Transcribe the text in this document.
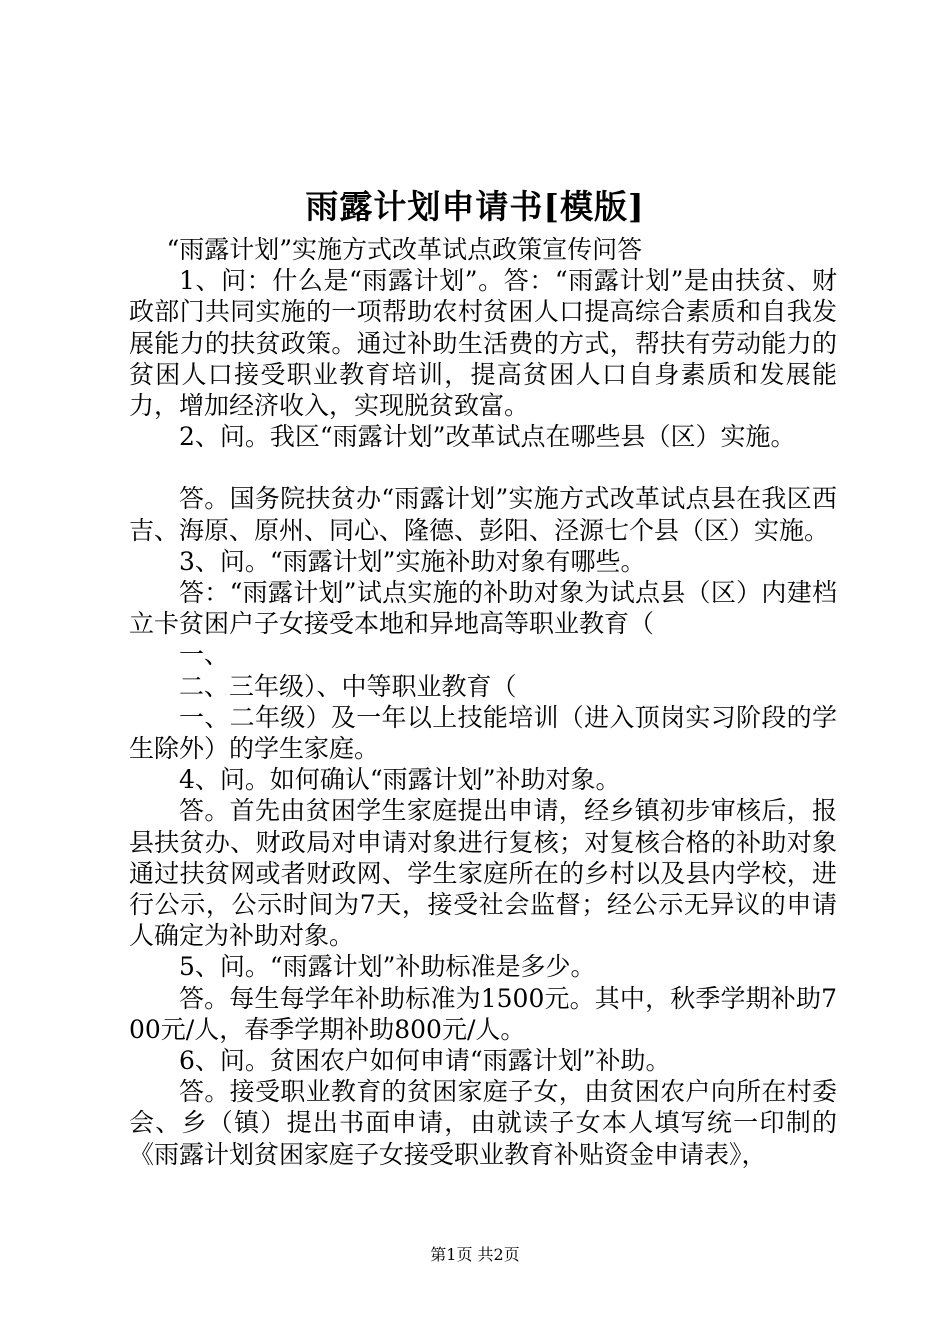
雨露计划申请书[模版]

“雨露计划”实施方式改革试点政策宣传问答

1、问：什么是“雨露计划”。答：“雨露计划”是由扶贫、财政部门共同实施的一项帮助农村贫困人口提高综合素质和自我发展能力的扶贫政策。通过补助生活费的方式，帮扶有劳动能力的贫困人口接受职业教育培训，提高贫困人口自身素质和发展能力，增加经济收入，实现脱贫致富。

2、问。我区“雨露计划”改革试点在哪些县（区）实施。

答。国务院扶贫办“雨露计划”实施方式改革试点县在我区西吉、海原、原州、同心、隆德、彭阳、泾源七个县（区）实施。

3、问。“雨露计划”实施补助对象有哪些。

答：“雨露计划”试点实施的补助对象为试点县（区）内建档立卡贫困户子女接受本地和异地高等职业教育（

一、

二、三年级）、中等职业教育（

一、二年级）及一年以上技能培训（进入顶岗实习阶段的学生除外）的学生家庭。

4、问。如何确认“雨露计划”补助对象。

答。首先由贫困学生家庭提出申请，经乡镇初步审核后，报县扶贫办、财政局对申请对象进行复核；对复核合格的补助对象通过扶贫网或者财政网、学生家庭所在的乡村以及县内学校，进行公示，公示时间为7天，接受社会监督；经公示无异议的申请人确定为补助对象。

5、问。“雨露计划”补助标准是多少。

答。每生每学年补助标准为1500元。其中，秋季学期补助700元/人，春季学期补助800元/人。

6、问。贫困农户如何申请“雨露计划”补助。

答。接受职业教育的贫困家庭子女，由贫困农户向所在村委会、乡（镇）提出书面申请，由就读子女本人填写统一印制的《雨露计划贫困家庭子女接受职业教育补贴资金申请表》，

第1页 共2页
